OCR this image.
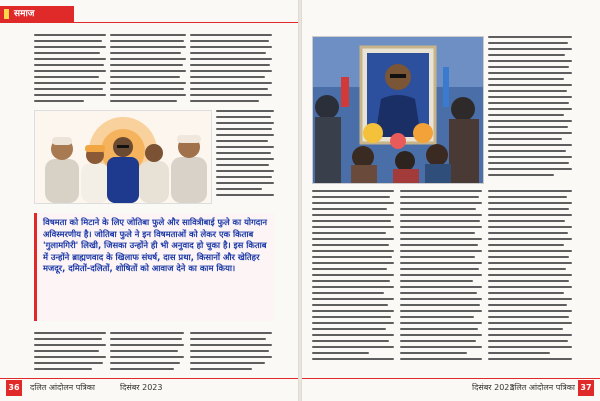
समाज

विषमता को मिटाने के लिए जोतिबा फुले और सावित्रीबाई फुले का योगदान अविस्मरणीय है। जोतिबा फुले ने इन विषमताओं को लेकर एक किताब 'गुलामगिरी' लिखी, जिसका उन्होंने ही भी अनुवाद हो चुका है। इस किताब में उन्होंने ब्राह्मणवाद के खिलाफ संघर्ष, दास प्रथा, किसानों और खेतिहर मजदूर, दमितों-दलितों, शोषितों को आवाज देने का काम किया।

36	दलित आंदोलन पत्रिका	दिसंबर 2023	दिसंबर 2023
दलित आंदोलन पत्रिका 37
